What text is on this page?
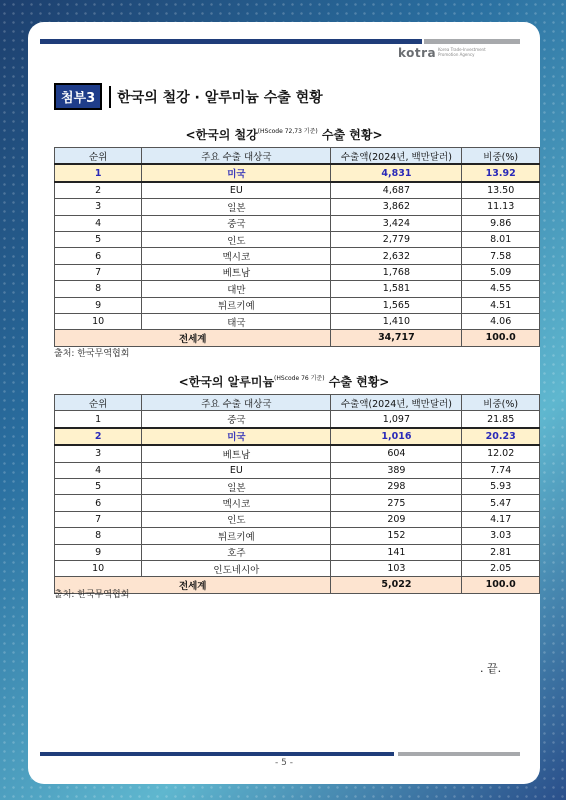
kotra Korea Trade-Investment Promotion Agency
첨부3	한국의 철강 · 알루미늄 수출 현황
<한국의 철강$^{(HScode 72,73 기준)}$ 수출 현황>
순위	주요 수출 대상국	수출액(2024년, 백만달러)	비중(%)
1	미국	4,831	13.92
2	EU	4,687	13.50
3	일본	3,862	11.13
4	중국	3,424	9.86
5	인도	2,779	8.01
6	멕시코	2,632	7.58
7	베트남	1,768	5.09
8	대만	1,581	4.55
9	튀르키예	1,565	4.51
10	태국	1,410	4.06
전세계		34,717	100.0
출처: 한국무역협회
<한국의 알루미늄$^{(HScode 76 기준)}$ 수출 현황>
순위	주요 수출 대상국	수출액(2024년, 백만달러)	비중(%)
1	중국	1,097	21.85
2	미국	1,016	20.23
3	베트남	604	12.02
4	EU	389	7.74
5	일본	298	5.93
6	멕시코	275	5.47
7	인도	209	4.17
8	튀르키예	152	3.03
9	호주	141	2.81
10	인도네시아	103	2.05
전세계		5,022	100.0
출처: 한국무역협회
. 끝.
- 5 -
